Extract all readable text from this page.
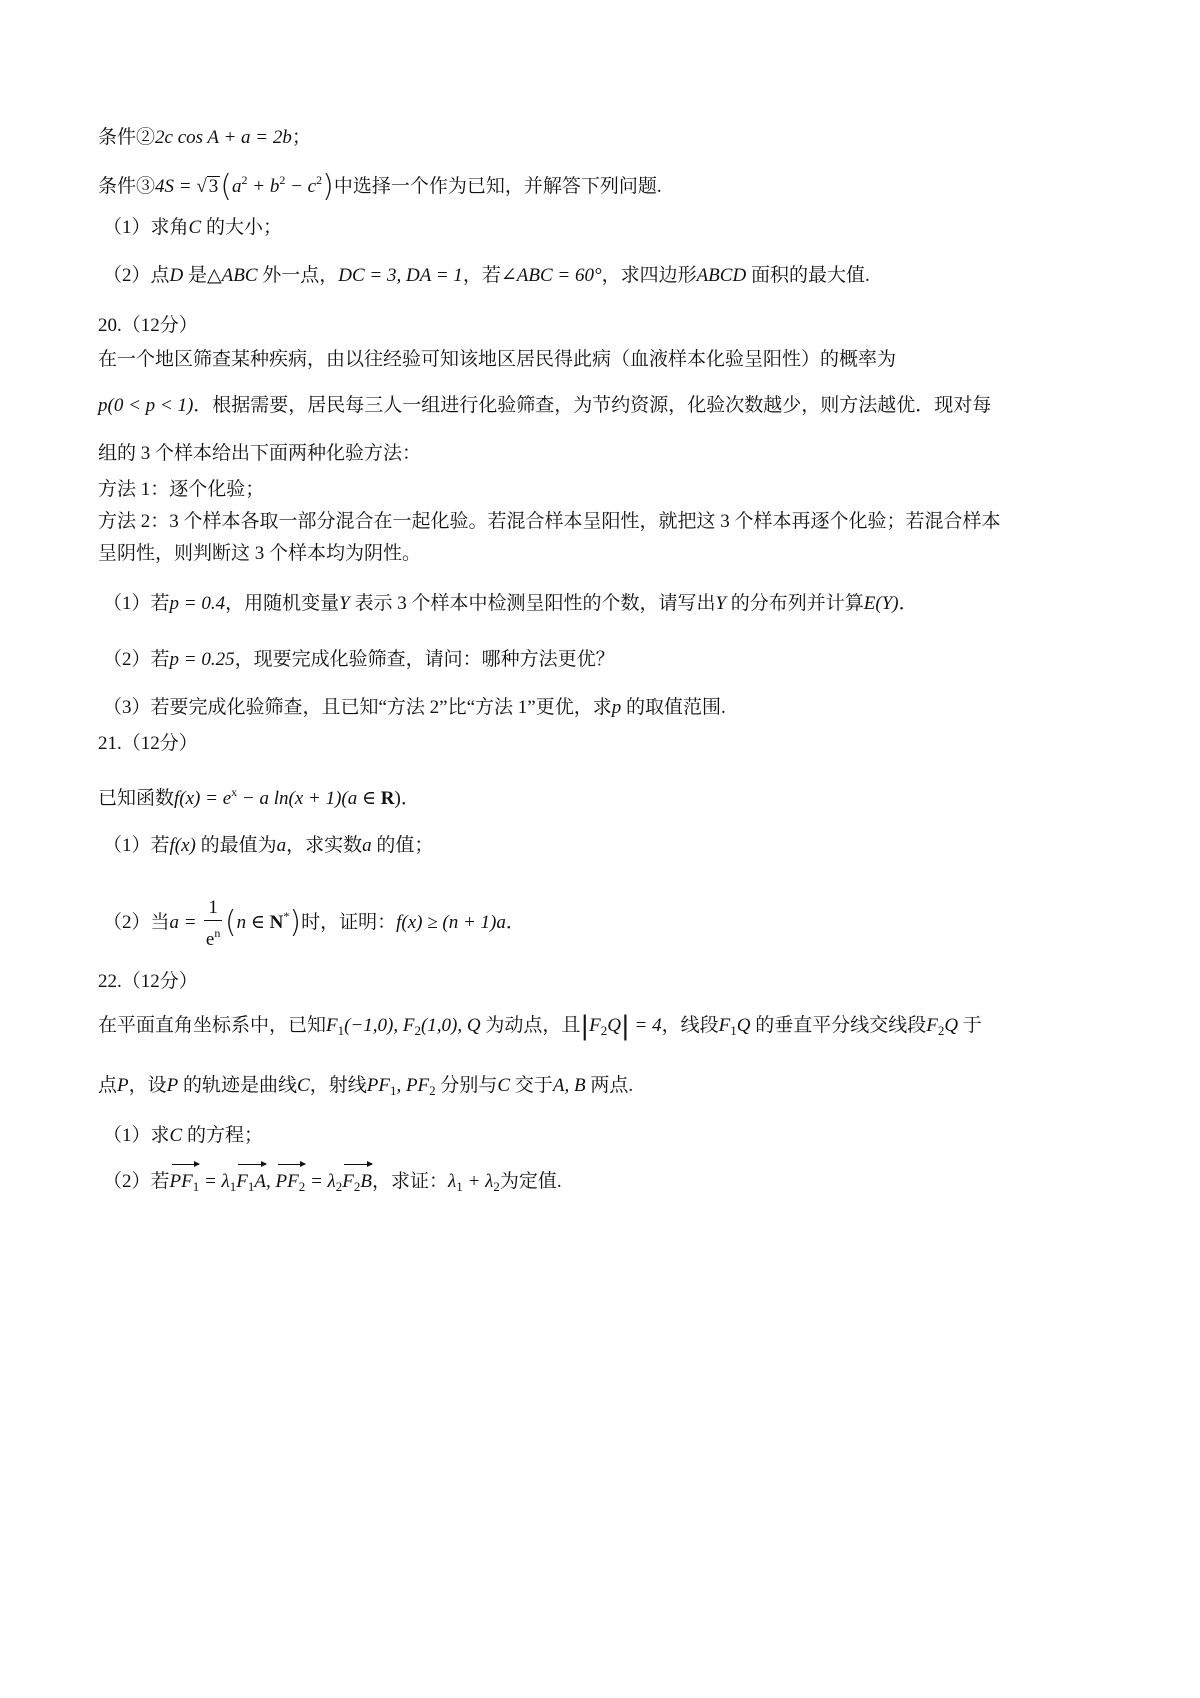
条件②2c cos A + a = 2b；
条件③4S = √ $3(a^2 + b^2 - c^2)$中选择一个作为已知，并解答下列问题.
（1）求角C 的大小；
（2）点D 是△ABC 外一点，DC = 3, DA = 1，若∠ABC = 60°，求四边形ABCD 面积的最大值.
20.（12分）
在一个地区筛查某种疾病，由以往经验可知该地区居民得此病（血液样本化验呈阳性）的概率为
p(0 < p < 1)．根据需要，居民每三人一组进行化验筛查，为节约资源，化验次数越少，则方法越优．现对每
组的 3 个样本给出下面两种化验方法：
方法 1：逐个化验；
方法 2：3 个样本各取一部分混合在一起化验。若混合样本呈阳性，就把这 3 个样本再逐个化验；若混合样本
呈阴性，则判断这 3 个样本均为阴性。
（1）若p = 0.4，用随机变量Y 表示 3 个样本中检测呈阳性的个数，请写出Y 的分布列并计算E(Y)．
（2）若p = 0.25，现要完成化验筛查，请问：哪种方法更优？
（3）若要完成化验筛查，且已知“方法 2”比“方法 1”更优，求p 的取值范围.
21.（12分）
已知函数$f(x) = e^x - a$ ln(x + 1)(a ∈ R)．
（1）若f(x) 的最值为a，求实数a 的值；
（2）当$a = \frac{1}{e^n} (n$ ∈ N*)时，证明：f(x) ≥ (n + 1)a．
22.（12分）
在平面直角坐标系中，已知$F_1(-1,0)$, $F_2(1,0)$, Q 为动点，且$|F_2Q| = 4$，线段$F_1Q$ 的垂直平分线交线段$F_2Q$ 于
点P，设P 的轨迹是曲线C，射线$PF_1$, $PF_2$ 分别与C 交于A, B 两点.
（1）求C 的方程；
（2）若$PF_1 = \lambda_1F_1A$, $PF_2 = \lambda_2F_2B$，求证：$\lambda_1 + \lambda_2$为定值.
